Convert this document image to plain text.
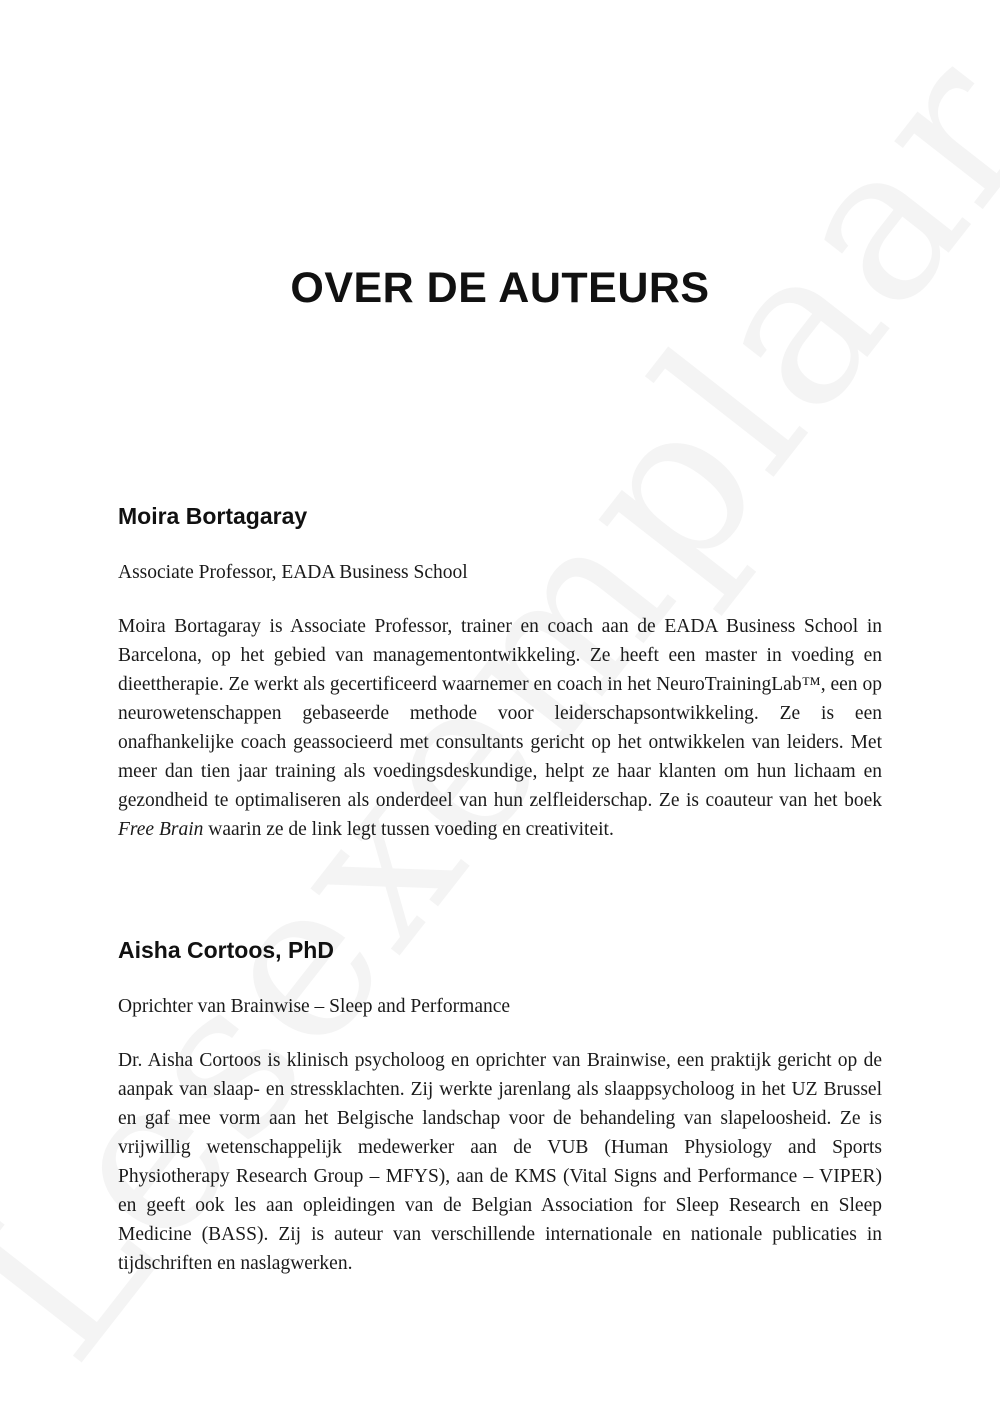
OVER DE AUTEURS
Moira Bortagaray

Associate Professor, EADA Business School

Moira Bortagaray is Associate Professor, trainer en coach aan de EADA Business School in Barcelona, op het gebied van managementontwikkeling. Ze heeft een master in voeding en dieettherapie. Ze werkt als gecertificeerd waarnemer en coach in het NeuroTrainingLab™, een op neurowetenschappen gebaseerde methode voor leiderschapsontwikkeling. Ze is een onafhankelijke coach geassocieerd met consultants gericht op het ontwikkelen van leiders. Met meer dan tien jaar training als voedingsdeskundige, helpt ze haar klanten om hun lichaam en gezondheid te optimaliseren als onderdeel van hun zelfleiderschap. Ze is coauteur van het boek Free Brain waarin ze de link legt tussen voeding en creativiteit.

Aisha Cortoos, PhD

Oprichter van Brainwise – Sleep and Performance

Dr. Aisha Cortoos is klinisch psycholoog en oprichter van Brainwise, een praktijk gericht op de aanpak van slaap- en stressklachten. Zij werkte jarenlang als slaappsycholoog in het UZ Brussel en gaf mee vorm aan het Belgische landschap voor de behandeling van slapeloosheid. Ze is vrijwillig wetenschappelijk medewerker aan de VUB (Human Physiology and Sports Physiotherapy Research Group – MFYS), aan de KMS (Vital Signs and Performance – VIPER) en geeft ook les aan opleidingen van de Belgian Association for Sleep Research en Sleep Medicine (BASS). Zij is auteur van verschillende internationale en nationale publicaties in tijdschriften en naslagwerken.
